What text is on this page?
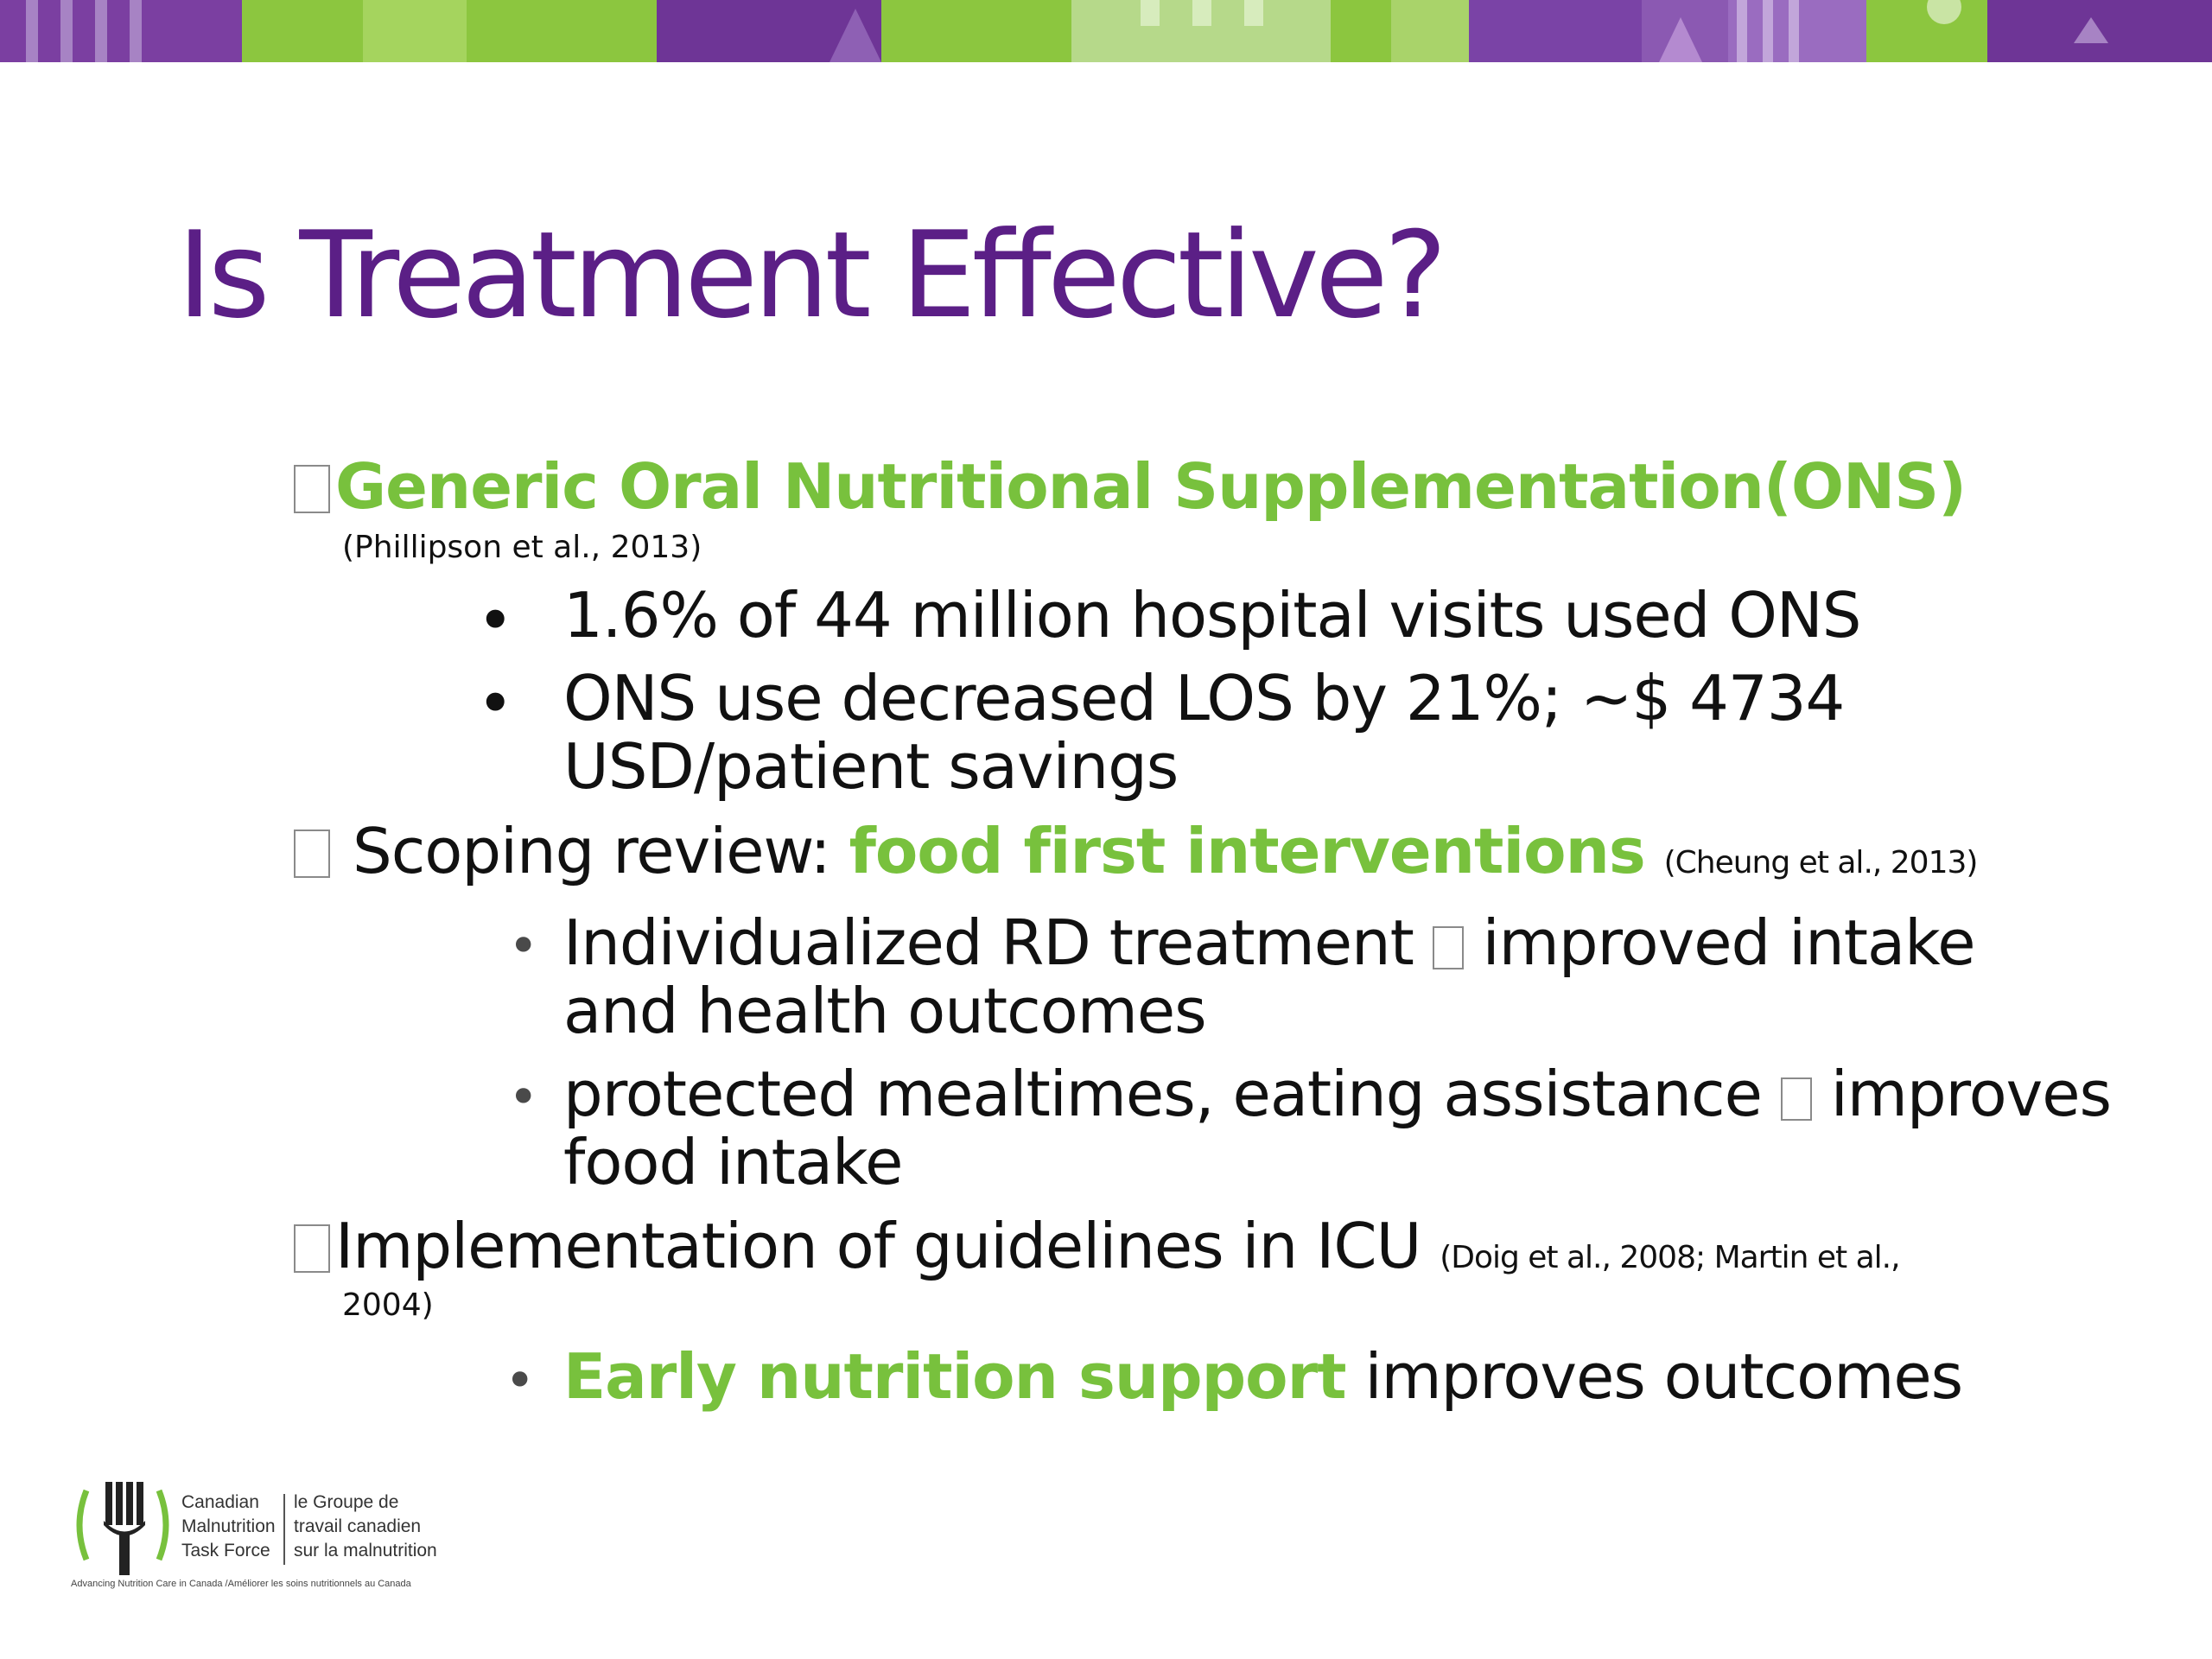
Is Treatment Effective?
Generic Oral Nutritional Supplementation(ONS)
(Phillipson et al., 2013)
• 1.6% of 44 million hospital visits used ONS
• ONS use decreased LOS by 21%; ~$ 4734
USD/patient savings
Scoping review: food first interventions (Cheung et al., 2013)
• Individualized RD treatment improved intake
and health outcomes
• protected mealtimes, eating assistance improves
food intake
Implementation of guidelines in ICU (Doig et al., 2008; Martin et al.,
2004)
• Early nutrition support improves outcomes
Canadian
Malnutrition
Task Force
le Groupe de
travail canadien
sur la malnutrition
Advancing Nutrition Care in Canada /Améliorer les soins nutritionnels au Canada
